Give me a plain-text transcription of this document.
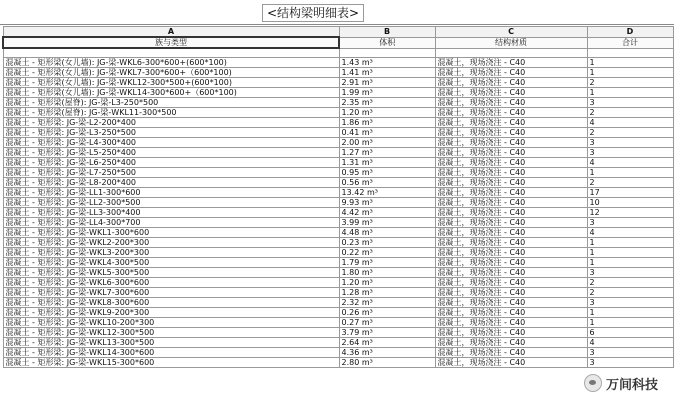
<结构梁明细表>
A	B	C	D
族与类型	体积	结构材质	合计

混凝土 - 矩形梁(女儿墙): JG-梁-WKL6-300*600+(600*100)	1.43 m³	混凝土，现场浇注 - C40	1
混凝土 - 矩形梁(女儿墙): JG-梁-WKL7-300*600+（600*100)	1.41 m³	混凝土，现场浇注 - C40	1
混凝土 - 矩形梁(女儿墙): JG-梁-WKL12-300*500+(600*100)	2.91 m³	混凝土，现场浇注 - C40	2
混凝土 - 矩形梁(女儿墙): JG-梁-WKL14-300*600+（600*100)	1.99 m³	混凝土，现场浇注 - C40	1
混凝土 - 矩形梁(屋脊): JG-梁-L3-250*500	2.35 m³	混凝土，现场浇注 - C40	3
混凝土 - 矩形梁(屋脊): JG-梁-WKL11-300*500	1.20 m³	混凝土，现场浇注 - C40	2
混凝土 - 矩形梁: JG-梁-L2-200*400	1.86 m³	混凝土，现场浇注 - C40	4
混凝土 - 矩形梁: JG-梁-L3-250*500	0.41 m³	混凝土，现场浇注 - C40	2
混凝土 - 矩形梁: JG-梁-L4-300*400	2.00 m³	混凝土，现场浇注 - C40	3
混凝土 - 矩形梁: JG-梁-L5-250*400	1.27 m³	混凝土，现场浇注 - C40	3
混凝土 - 矩形梁: JG-梁-L6-250*400	1.31 m³	混凝土，现场浇注 - C40	4
混凝土 - 矩形梁: JG-梁-L7-250*500	0.95 m³	混凝土，现场浇注 - C40	1
混凝土 - 矩形梁: JG-梁-L8-200*400	0.56 m³	混凝土，现场浇注 - C40	2
混凝土 - 矩形梁: JG-梁-LL1-300*600	13.42 m³	混凝土，现场浇注 - C40	17
混凝土 - 矩形梁: JG-梁-LL2-300*500	9.93 m³	混凝土，现场浇注 - C40	10
混凝土 - 矩形梁: JG-梁-LL3-300*400	4.42 m³	混凝土，现场浇注 - C40	12
混凝土 - 矩形梁: JG-梁-LL4-300*700	3.99 m³	混凝土，现场浇注 - C40	3
混凝土 - 矩形梁: JG-梁-WKL1-300*600	4.48 m³	混凝土，现场浇注 - C40	4
混凝土 - 矩形梁: JG-梁-WKL2-200*300	0.23 m³	混凝土，现场浇注 - C40	1
混凝土 - 矩形梁: JG-梁-WKL3-200*300	0.22 m³	混凝土，现场浇注 - C40	1
混凝土 - 矩形梁: JG-梁-WKL4-300*500	1.79 m³	混凝土，现场浇注 - C40	1
混凝土 - 矩形梁: JG-梁-WKL5-300*500	1.80 m³	混凝土，现场浇注 - C40	3
混凝土 - 矩形梁: JG-梁-WKL6-300*600	1.20 m³	混凝土，现场浇注 - C40	2
混凝土 - 矩形梁: JG-梁-WKL7-300*600	1.28 m³	混凝土，现场浇注 - C40	2
混凝土 - 矩形梁: JG-梁-WKL8-300*600	2.32 m³	混凝土，现场浇注 - C40	3
混凝土 - 矩形梁: JG-梁-WKL9-200*300	0.26 m³	混凝土，现场浇注 - C40	1
混凝土 - 矩形梁: JG-梁-WKL10-200*300	0.27 m³	混凝土，现场浇注 - C40	1
混凝土 - 矩形梁: JG-梁-WKL12-300*500	3.79 m³	混凝土，现场浇注 - C40	6
混凝土 - 矩形梁: JG-梁-WKL13-300*500	2.64 m³	混凝土，现场浇注 - C40	4
混凝土 - 矩形梁: JG-梁-WKL14-300*600	4.36 m³	混凝土，现场浇注 - C40	3
混凝土 - 矩形梁: JG-梁-WKL15-300*600	2.80 m³	混凝土，现场浇注 - C40	3
万间科技
